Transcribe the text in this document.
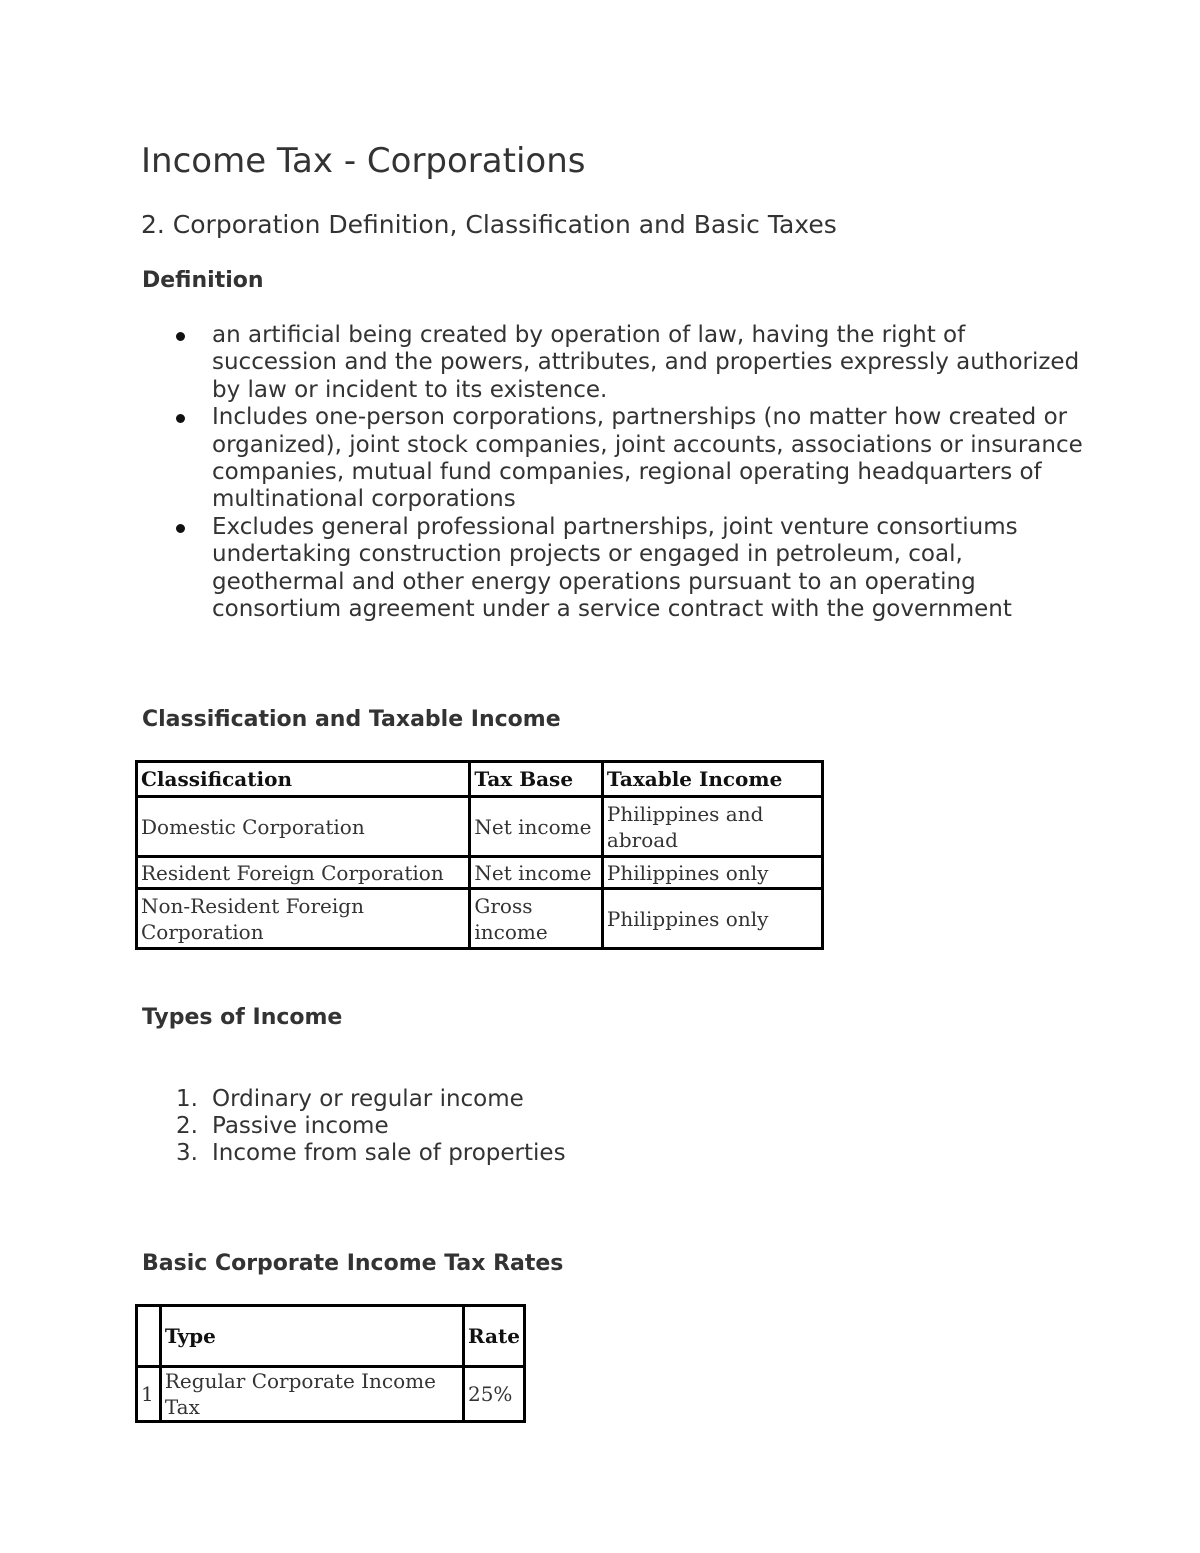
Income Tax - Corporations
2. Corporation Definition, Classification and Basic Taxes
Definition
an artificial being created by operation of law, having the right of succession and the powers, attributes, and properties expressly authorized by law or incident to its existence.
Includes one-person corporations, partnerships (no matter how created or organized), joint stock companies, joint accounts, associations or insurance companies, mutual fund companies, regional operating headquarters of multinational corporations
Excludes general professional partnerships, joint venture consortiums undertaking construction projects or engaged in petroleum, coal, geothermal and other energy operations pursuant to an operating consortium agreement under a service contract with the government
Classification and Taxable Income
Classification	Tax Base	Taxable Income
Domestic Corporation	Net income	Philippines and abroad
Resident Foreign Corporation	Net income	Philippines only
Non-Resident Foreign Corporation	Gross income	Philippines only
Types of Income
1. Ordinary or regular income
2. Passive income
3. Income from sale of properties
Basic Corporate Income Tax Rates
	Type	Rate
1	Regular Corporate Income Tax	25%
